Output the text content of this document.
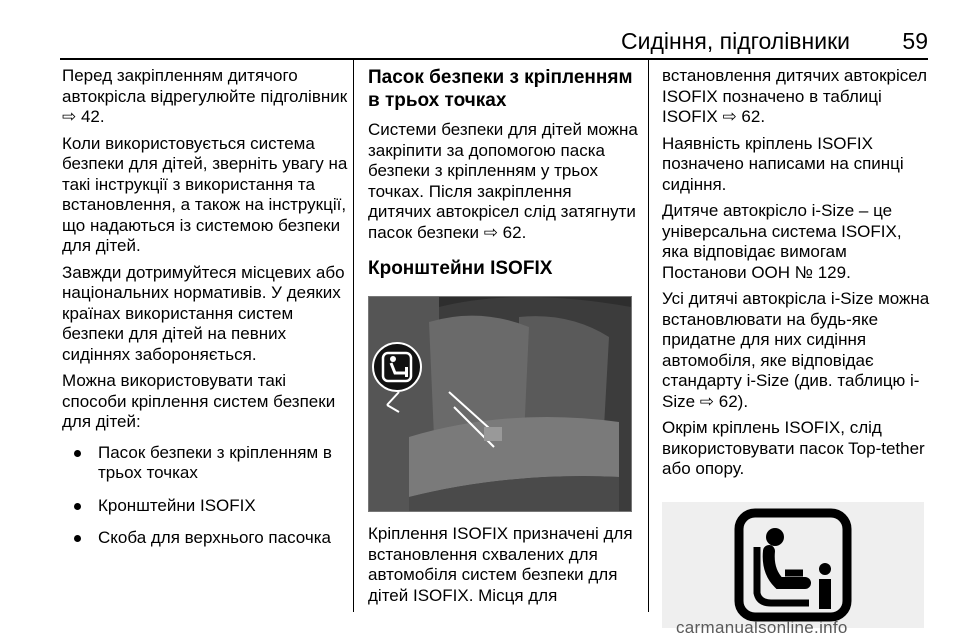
Сидіння, підголівники	59

Перед закріпленням дитячого автокрісла відрегулюйте підголівник ⇨ 42.

Коли використовується система безпеки для дітей, зверніть увагу на такі інструкції з використання та встановлення, а також на інструкції, що надаються із системою безпеки для дітей.

Завжди дотримуйтеся місцевих або національних нормативів. У деяких країнах використання систем безпеки для дітей на певних сидіннях забороняється.

Можна використовувати такі способи кріплення систем безпеки для дітей:

Пасок безпеки з кріпленням в трьох точках
Кронштейни ISOFIX
Скоба для верхнього пасочка
Пасок безпеки з кріпленням в трьох точках

Системи безпеки для дітей можна закріпити за допомогою паска безпеки з кріпленням у трьох точках. Після закріплення дитячих автокрісел слід затягнути пасок безпеки ⇨ 62.

Кронштейни ISOFIX

Кріплення ISOFIX призначені для встановлення схвалених для автомобіля систем безпеки для дітей ISOFIX. Місця для

встановлення дитячих автокрісел ISOFIX позначено в таблиці ISOFIX ⇨ 62.

Наявність кріплень ISOFIX позначено написами на спинці сидіння.

Дитяче автокрісло i-Size – це універсальна система ISOFIX, яка відповідає вимогам Постанови ООН № 129.

Усі дитячі автокрісла i-Size можна встановлювати на будь-яке придатне для них сидіння автомобіля, яке відповідає стандарту i-Size (див. таблицю i-Size ⇨ 62).

Окрім кріплень ISOFIX, слід використовувати пасок Top-tether або опору.

carmanualsonline.info
